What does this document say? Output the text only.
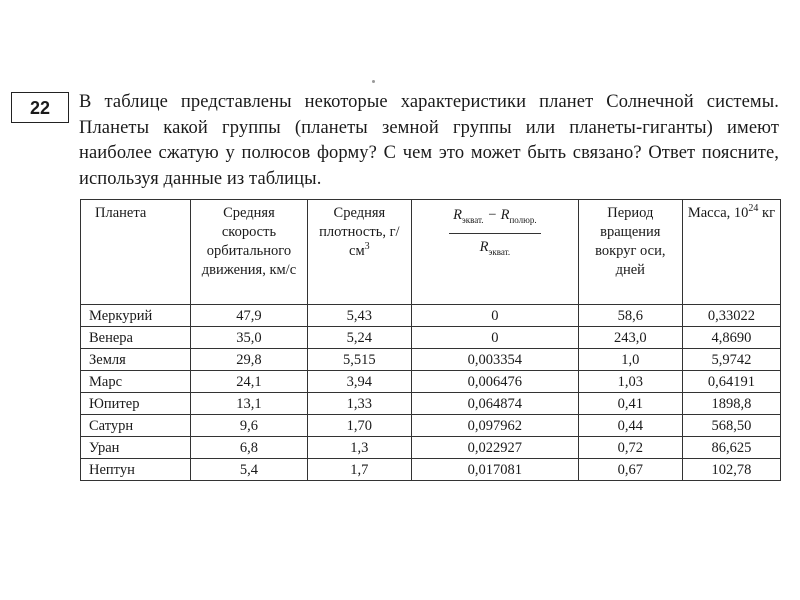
22	В таблице представлены некоторые характеристики планет Солнечной системы. Планеты какой группы (планеты земной группы или планеты-гиганты) имеют наиболее сжатую у полюсов форму? С чем это может быть связано? Ответ поясните, используя данные из таблицы.
Планета	Средняя скорость орбитального движения, км/с	Средняя плотность, $г/см^3$	$\frac{R_{экват.} - R_{полюр.}}{R_{экват.}}$	Период вращения вокруг оси, дней	Масса, $10^{24}$ кг
Меркурий	47,9	5,43	0	58,6	0,33022
Венера	35,0	5,24	0	243,0	4,8690
Земля	29,8	5,515	0,003354	1,0	5,9742
Марс	24,1	3,94	0,006476	1,03	0,64191
Юпитер	13,1	1,33	0,064874	0,41	1898,8
Сатурн	9,6	1,70	0,097962	0,44	568,50
Уран	6,8	1,3	0,022927	0,72	86,625
Нептун	5,4	1,7	0,017081	0,67	102,78
